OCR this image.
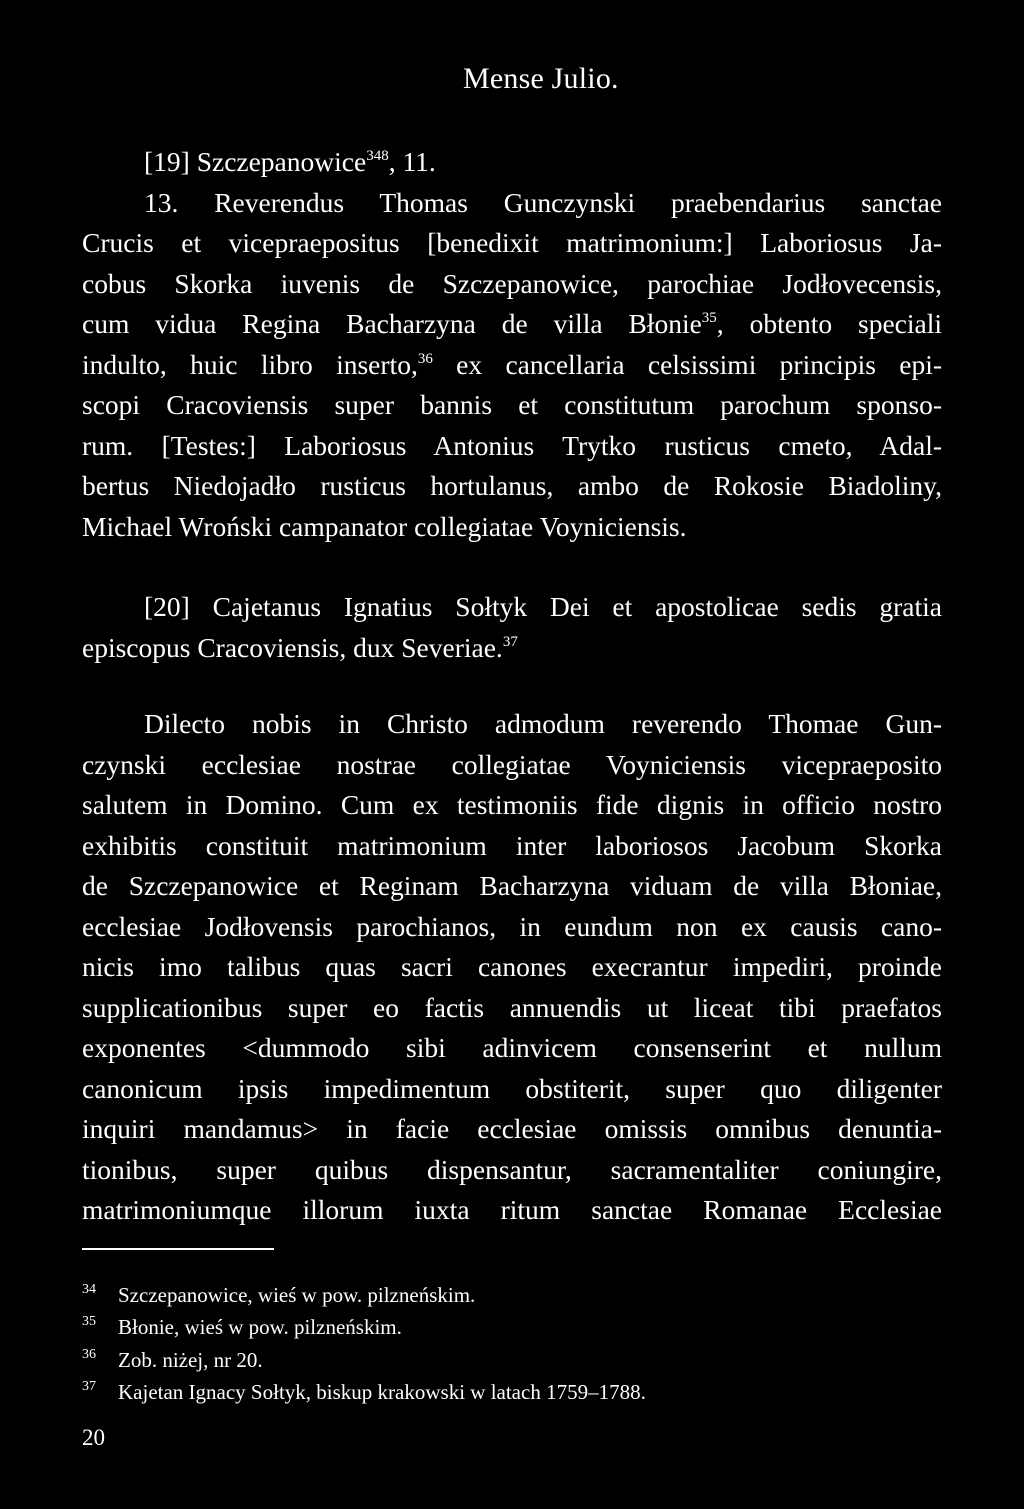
Mense Julio.
[19] Szczepanowice$^{348}$, 11.
13. Reverendus Thomas Gunczynski praebendarius sanctae
Crucis et vicepraepositus [benedixit matrimonium:] Laboriosus Ja-
cobus Skorka iuvenis de Szczepanowice, parochiae Jodłovecensis,
cum vidua Regina Bacharzyna de villa Błonie$^{35}$, obtento speciali
indulto, huic libro inserto,$^{36}$ ex cancellaria celsissimi principis epi-
scopi Cracoviensis super bannis et constitutum parochum sponso-
rum. [Testes:] Laboriosus Antonius Trytko rusticus cmeto, Adal-
bertus Niedojadło rusticus hortulanus, ambo de Rokosie Biadoliny,
Michael Wroński campanator collegiatae Voyniciensis.
[20] Cajetanus Ignatius Sołtyk Dei et apostolicae sedis gratia
episcopus Cracoviensis, dux Severiae.$^{37}$
Dilecto nobis in Christo admodum reverendo Thomae Gun-
czynski ecclesiae nostrae collegiatae Voyniciensis vicepraeposito
salutem in Domino. Cum ex testimoniis fide dignis in officio nostro
exhibitis constituit matrimonium inter laboriosos Jacobum Skorka
de Szczepanowice et Reginam Bacharzyna viduam de villa Błoniae,
ecclesiae Jodłovensis parochianos, in eundum non ex causis cano-
nicis imo talibus quas sacri canones execrantur impediri, proinde
supplicationibus super eo factis annuendis ut liceat tibi praefatos
exponentes <dummodo sibi adinvicem consenserint et nullum
canonicum ipsis impedimentum obstiterit, super quo diligenter
inquiri mandamus> in facie ecclesiae omissis omnibus denuntia-
tionibus, super quibus dispensantur, sacramentaliter coniungire,
matrimoniumque illorum iuxta ritum sanctae Romanae Ecclesiae
34 Szczepanowice, wieś w pow. pilzneńskim.
35 Błonie, wieś w pow. pilzneńskim.
36 Zob. niżej, nr 20.
37 Kajetan Ignacy Sołtyk, biskup krakowski w latach 1759–1788.
20
